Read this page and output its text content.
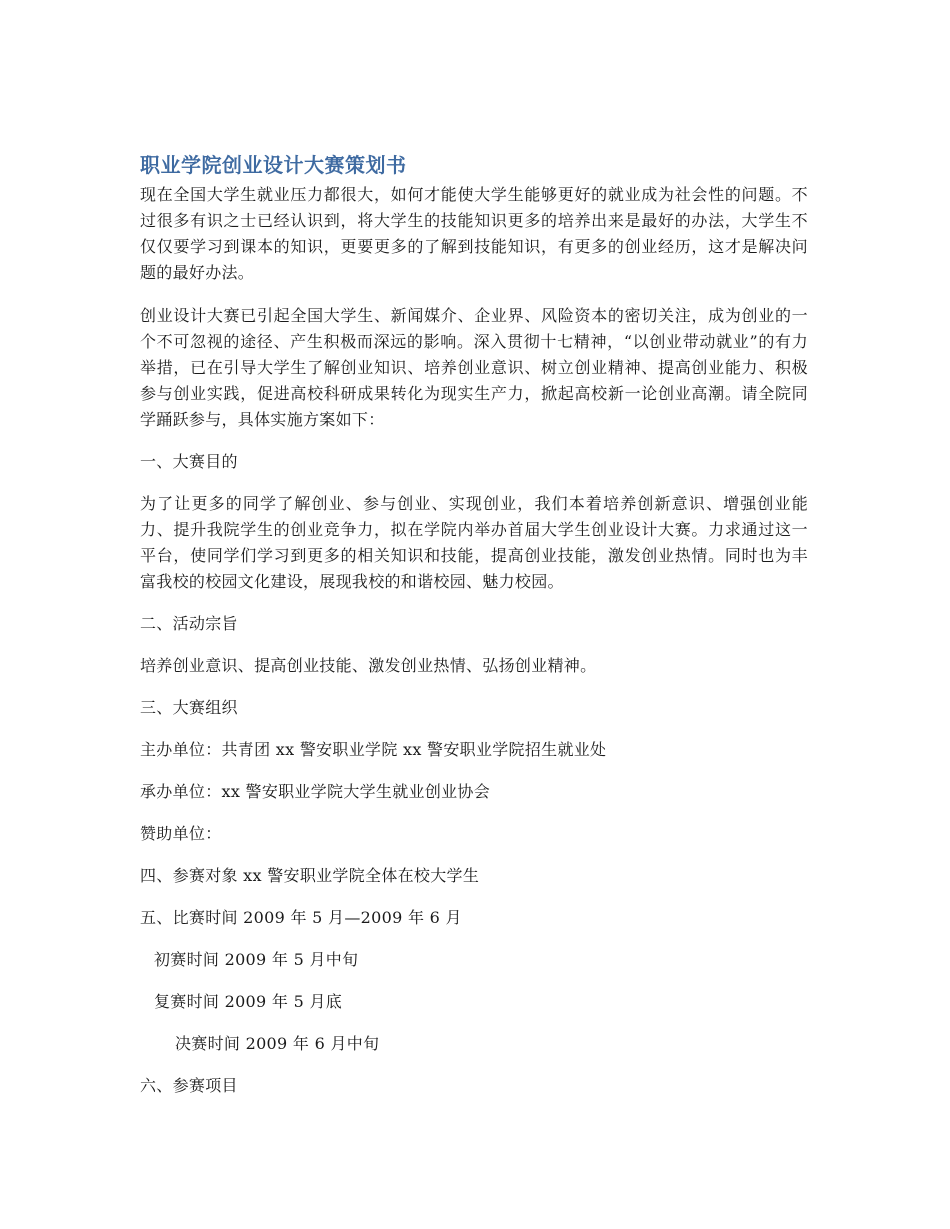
职业学院创业设计大赛策划书

现在全国大学生就业压力都很大，如何才能使大学生能够更好的就业成为社会性的问题。不过很多有识之士已经认识到，将大学生的技能知识更多的培养出来是最好的办法，大学生不仅仅要学习到课本的知识，更要更多的了解到技能知识，有更多的创业经历，这才是解决问题的最好办法。

创业设计大赛已引起全国大学生、新闻媒介、企业界、风险资本的密切关注，成为创业的一个不可忽视的途径、产生积极而深远的影响。深入贯彻十七精神，“以创业带动就业”的有力举措，已在引导大学生了解创业知识、培养创业意识、树立创业精神、提高创业能力、积极参与创业实践，促进高校科研成果转化为现实生产力，掀起高校新一论创业高潮。请全院同学踊跃参与，具体实施方案如下：

一、大赛目的

为了让更多的同学了解创业、参与创业、实现创业，我们本着培养创新意识、增强创业能力、提升我院学生的创业竞争力，拟在学院内举办首届大学生创业设计大赛。力求通过这一平台，使同学们学习到更多的相关知识和技能，提高创业技能，激发创业热情。同时也为丰富我校的校园文化建设，展现我校的和谐校园、魅力校园。

二、活动宗旨

培养创业意识、提高创业技能、激发创业热情、弘扬创业精神。

三、大赛组织

主办单位：共青团 xx 警安职业学院 xx 警安职业学院招生就业处

承办单位：xx 警安职业学院大学生就业创业协会

赞助单位：

四、参赛对象 xx 警安职业学院全体在校大学生

五、比赛时间 2009 年 5 月—2009 年 6 月

初赛时间 2009 年 5 月中旬

复赛时间 2009 年 5 月底

决赛时间 2009 年 6 月中旬

六、参赛项目
